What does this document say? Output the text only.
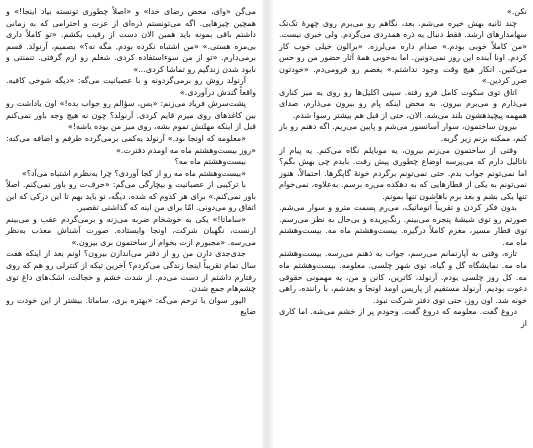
می‌گن «وای، محض رضای خدا» و «اصلاً چطوری تونسته بیاد اینجا!» و همچین چیزهایی. اگه می‌تونستم ذره‌ای از عزت و احترامی که به زمانی داشتم باقی بمونه باید همین الان دست از رقیب بکشم. «تو کاملاً داری بی‌مزه هستی.» «من اشتباه نکرده بودم. مگه نه؟» بصمیم، آرنولد. قسم برمی‌دارم. «تو از من سوءاستفاده کردی. شغلم رو ازم گرفتی. تنمنتی و نابود شدن زندگیم رو تماشا کردی...»

آرنولد روش رو برمی‌گردونه و با عصبانیت می‌گه: «دیگه شوخی کافیه. واقعاً گندش درآوردی.»

پشت‌سرش فریاد می‌زنم: «بس، سؤالم رو جواب بده!» اون یاداشت رو بین کاغذهای روی میزم قایم کردی. آرنولد؟ چون نه هیچ وجه باور نمی‌کنم قبل از اینکه مهلتش تموم بشه، روی میز من بوده باشه!»

«معلومه که اونجا بود.» آرنولد یه‌کمی برمی‌گرده طرفم و اضافه می‌کنه: «روز بیست‌وهشتم ماه مه اومدم دفترت.»

بیست‌وهشتم ماه مه؟

«بیست‌وهشتم ماه مه رو از کجا آوردی؟ چرا به‌نظرم اشتباه می‌آد؟»

با ترکیبی از عصبانیت و بیچارگی می‌گم: «حرف‌ت رو باور نمی‌کنم. اصلاً باور نمی‌کنم.» برای هر کدوم که شده، دیگه، تو باید بهم تا این درکی که این اتفاق رو می‌دونی. امّا برای من اینه که گذاشتی تقصیر.

«ساماتا!» یکی به خوشخام ضربه می‌زنه و برمی‌گردم عقب و می‌بینم ارنست، نگهبان شرکت، اونجا وایستاده. صورت آشناش معذب به‌نظر می‌رسه. «مجبورم ازت بخوام از ساختمون بری بیرون.»

جدی‌جدی دارن من رو از دفتر می‌اندازن بیرون؟ اونم بعد از اینکه هفت سال تمام تقریباً اینجا زندگی می‌کردم؟ آخرین تیکه از کنترلی رو هم که روی رفتارم داشتم از دست می‌دم. از شدت خشم و خجالت، اشک‌های داغ توی چشم‌هام جمع شدن.

الیور سوان با ترحم می‌گه: «بهتره بری، ساماتا. بیشتر از این خودت رو ضایع

نکن.»

چند ثانیه بهش خیره می‌شم. بعد، نگاهم رو می‌برم روی چهرهٔ تک‌تک سهامدارهای ارشد. فقط دنبال یه ذره همدردی می‌گردم. ولی خبری نیست. «من کاملاً خوبی بودم.» صدام داره می‌لرزه. «برالون خیلی خوب کار کردم. اونا آینده این روز نمی‌دونین. اما به‌خوبی همهٔ آثار حضور من رو حس می‌کنین. انکار هیچ وقت وجود نداشتم.» بغضم رو فرومی‌دم. «خودتون ضرر کردین.»

اتاق توی سکوت کامل فرو رفته. سینی اکلیل‌ها رو روی یه میز کناری می‌ذارم و می‌برم بیرون. به محض اینکه پام رو بیرون می‌ذارم، صدای همهمه پیچیدهشون بلند می‌شه. الان، حتی از قبل هم بیشتر رسوا شدم.

بیرون ساختمون، سوار آسانسور می‌شم و پایین می‌ریم. اگه دهنم رو باز کنم، ممکنه بزنم زیر گریه.

وقتی از ساختمون می‌زنم بیرون، یه موبایلم نگاه می‌کنم. یه پیام از ناتالیل دارم که می‌پرسه اوضاع چطوری پیش رفت. بایدم چی بهش بگم؟ اما نمی‌تونم جواب بدم. حتی نمی‌تونم برگردم خونهٔ گاپگرها. احتمالاً، هنوز نمی‌تونم به یکی از قطارهایی که به دهکده می‌ره برسم. به‌علاوه، نمی‌خوام تنها یکی بشم و بعد برم باهاشون تنها بمونم.

بدون فکر کردن و تقریباً اتوماتیک، می‌رم پسمت مترو و سوار می‌شم. صورتم رو توی شیشهٔ پنجره می‌بینم. رنگ‌پریده و بی‌حال به نظر می‌رسم. توی قطار مسیر، مغزم کاملاً درگیره. بیست‌وهشتم ماه مه. بیست‌وهشتم ماه مه.

تازه، وقتی به آپارتمانم می‌رسم، جواب به ذهنم می‌رسه. بیست‌وهشتم ماه مه. نمایشگاه گل و گیاه، توی شهر چلسی. معلومه. بیست‌وهشتم ماه مه. کل روز چلسی بودم. آرنولد، کاترین، کانن و من، یه مهمونی حقوقی دعوت بودیم. آرنولد مستقیم از پاریس اومد اونجا و بعدشم، با راننده، راهی خونه شد. اون روز، حتی توی دفتر شرکت نبود.

دروغ گفت. معلومه که دروغ گفت. وجودم پر از خشم می‌شه. اما کاری از
